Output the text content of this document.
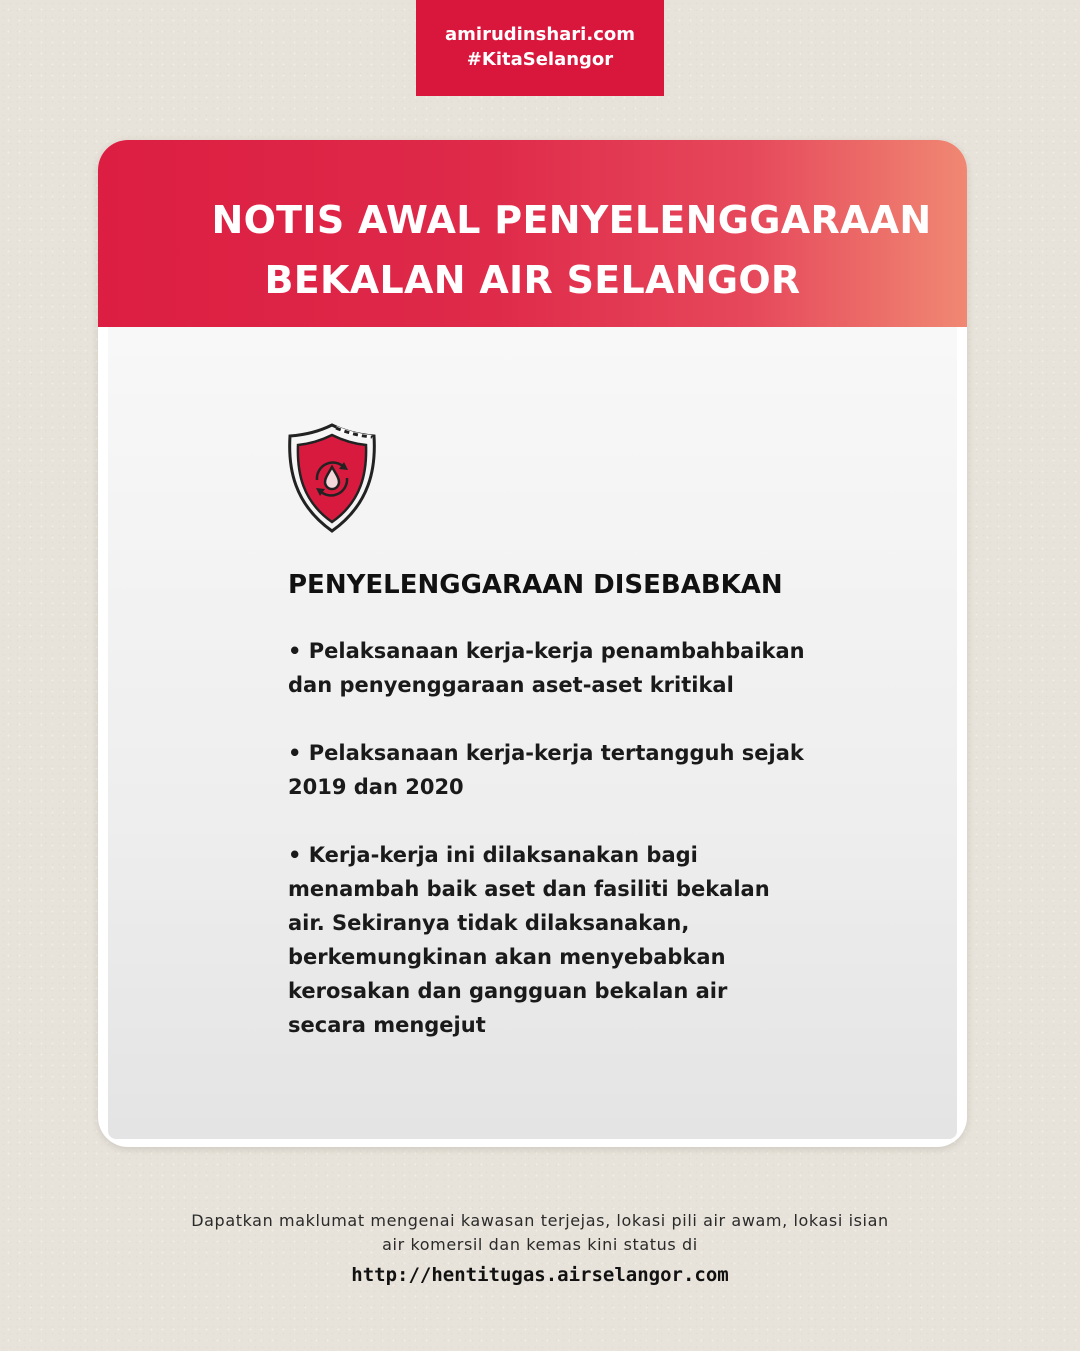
amirudinshari.com
#KitaSelangor
NOTIS AWAL PENYELENGGARAAN
BEKALAN AIR SELANGOR
PENYELENGGARAAN DISEBABKAN

• Pelaksanaan kerja-kerja penambahbaikan dan penyenggaraan aset-aset kritikal

• Pelaksanaan kerja-kerja tertangguh sejak 2019 dan 2020

• Kerja-kerja ini dilaksanakan bagi menambah baik aset dan fasiliti bekalan air. Sekiranya tidak dilaksanakan, berkemungkinan akan menyebabkan kerosakan dan gangguan bekalan air secara mengejut

Dapatkan maklumat mengenai kawasan terjejas, lokasi pili air awam, lokasi isian air komersil dan kemas kini status di
http://hentitugas.airselangor.com
